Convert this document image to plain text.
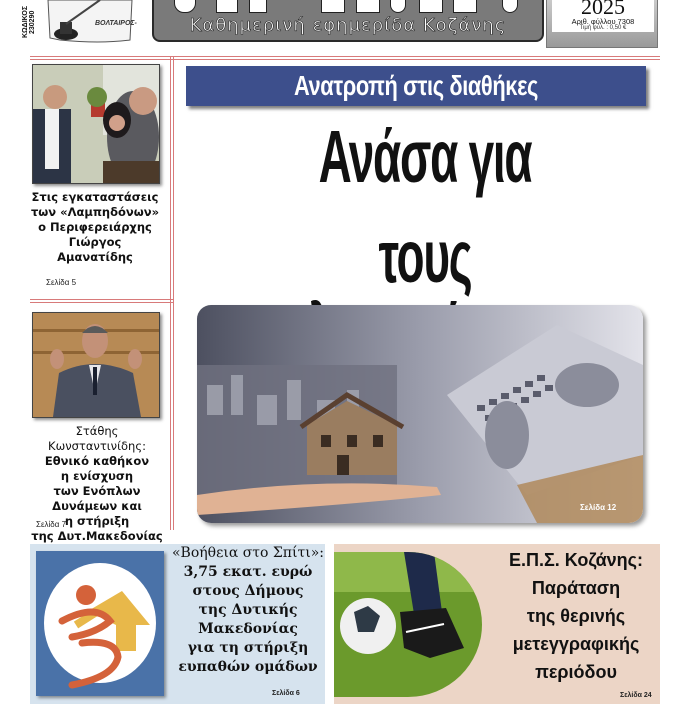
ΚΩΔΙΚΟΣ
230290	ΒΟΛΤΑΙΡΟΣ-
	Καθημερινή εφημερίδα Κοζάνης
2025
Αριθ. φύλλου 7308
Τιμή φύλ. : 0,50 €
Στις εγκαταστάσεις
των «Λαμπηδόνων»
ο Περιφερειάρχης
Γιώργος
Αμανατίδης
Σελίδα 5
Στάθης Κωνσταντινίδης:
Εθνικό καθήκον
η ενίσχυση
των Ενόπλων
Δυνάμεων και
η στήριξη
της Δυτ.Μακεδονίας
Σελίδα 7
Ανατροπή στις διαθήκες
Ανάσα για
τους
Σελίδα 12
«Βοήθεια στο Σπίτι»:
3,75 εκατ. ευρώ
στους Δήμους
της Δυτικής
Μακεδονίας
για τη στήριξη
ευπαθών ομάδων
Σελίδα 6
Ε.Π.Σ. Κοζάνης:
Παράταση
της θερινής
μετεγγραφικής
περιόδου
Σελίδα 24
